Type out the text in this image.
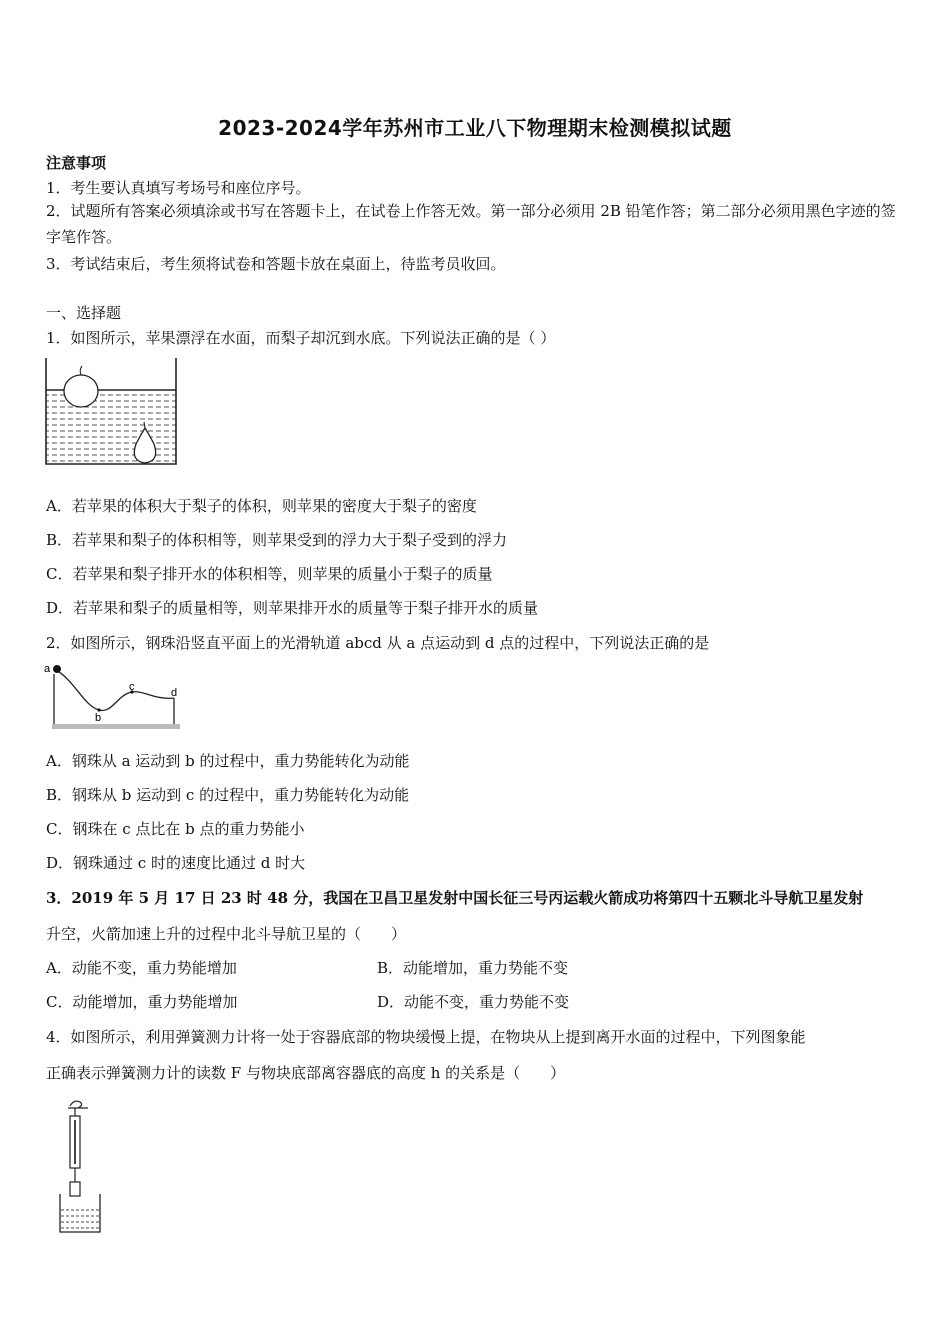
2023-2024学年苏州市工业八下物理期末检测模拟试题
注意事项
1．考生要认真填写考场号和座位序号。
2．试题所有答案必须填涂或书写在答题卡上，在试卷上作答无效。第一部分必须用 2B 铅笔作答；第二部分必须用黑色字迹的签字笔作答。
3．考试结束后，考生须将试卷和答题卡放在桌面上，待监考员收回。
一、选择题
1．如图所示，苹果漂浮在水面，而梨子却沉到水底。下列说法正确的是（ ）
A．若苹果的体积大于梨子的体积，则苹果的密度大于梨子的密度
B．若苹果和梨子的体积相等，则苹果受到的浮力大于梨子受到的浮力
C．若苹果和梨子排开水的体积相等，则苹果的质量小于梨子的质量
D．若苹果和梨子的质量相等，则苹果排开水的质量等于梨子排开水的质量
2．如图所示，钢珠沿竖直平面上的光滑轨道 abcd 从 a 点运动到 d 点的过程中，下列说法正确的是
a
b
c	d
A．钢珠从 a 运动到 b 的过程中，重力势能转化为动能
B．钢珠从 b 运动到 c 的过程中，重力势能转化为动能
C．钢珠在 c 点比在 b 点的重力势能小
D．钢珠通过 c 时的速度比通过 d 时大
3．2019 年 5 月 17 日 23 时 48 分，我国在卫昌卫星发射中国长征三号丙运载火箭成功将第四十五颗北斗导航卫星发射
升空，火箭加速上升的过程中北斗导航卫星的（　　）
A．动能不变，重力势能增加	B．动能增加，重力势能不变
C．动能增加，重力势能增加	D．动能不变，重力势能不变
4．如图所示，利用弹簧测力计将一处于容器底部的物块缓慢上提，在物块从上提到离开水面的过程中，下列图象能
正确表示弹簧测力计的读数 F 与物块底部离容器底的高度 h 的关系是（　　）
